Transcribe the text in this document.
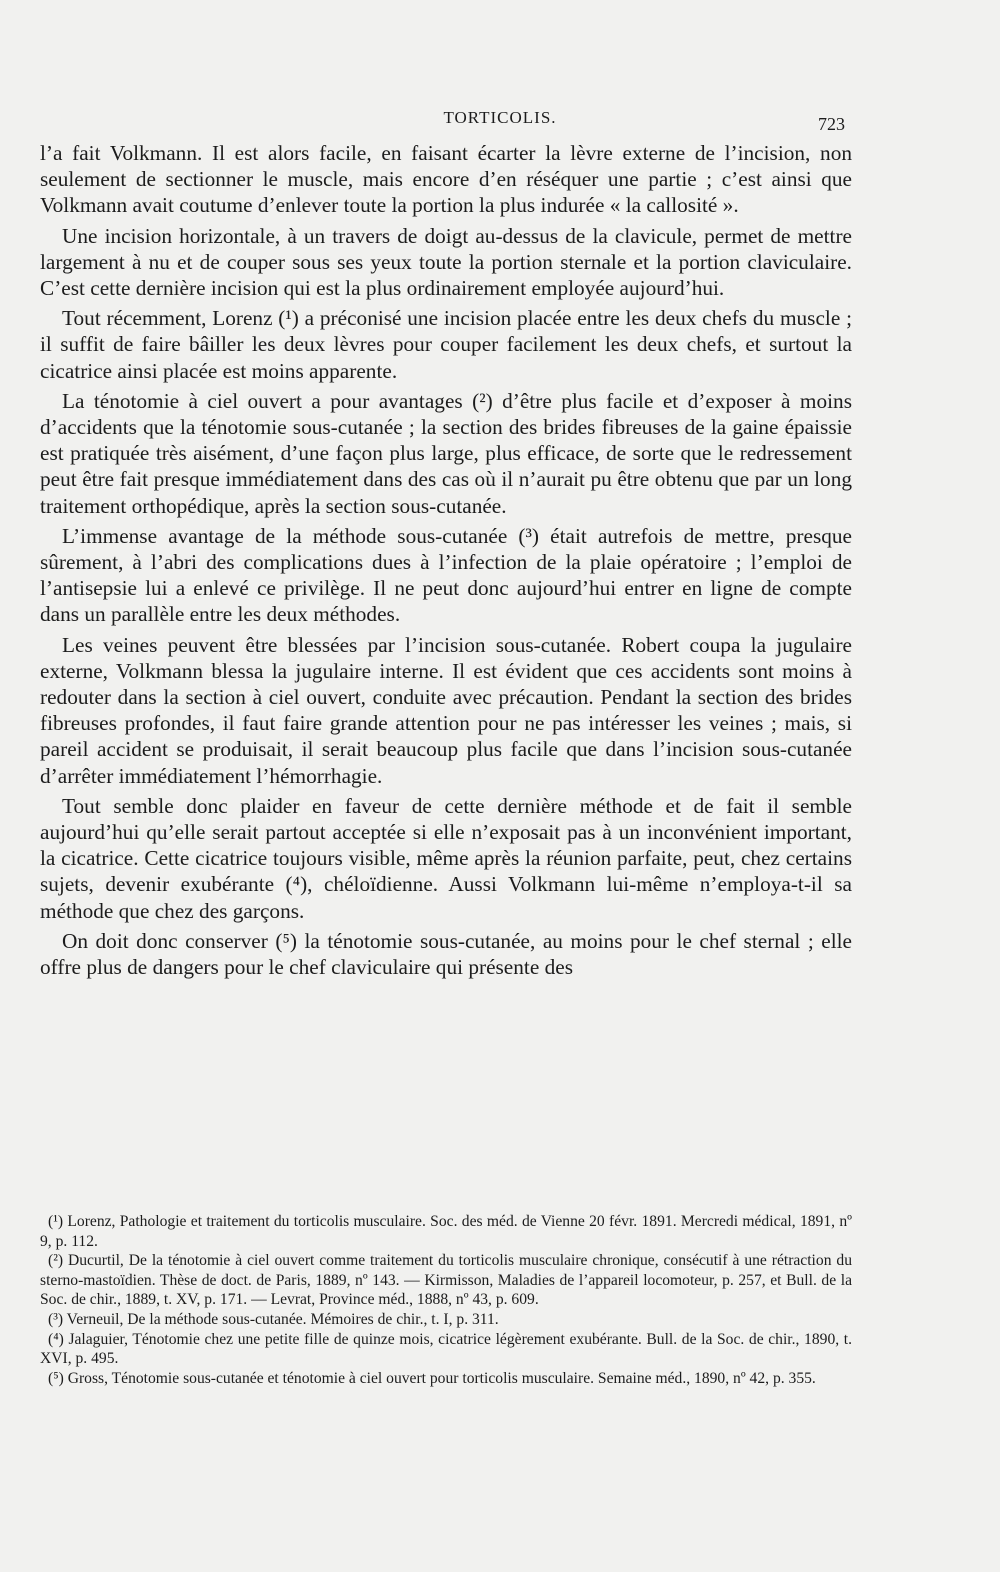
TORTICOLIS.	723

l’a fait Volkmann. Il est alors facile, en faisant écarter la lèvre externe de l’incision, non seulement de sectionner le muscle, mais encore d’en réséquer une partie ; c’est ainsi que Volkmann avait coutume d’enlever toute la portion la plus indurée « la callosité ».

Une incision horizontale, à un travers de doigt au-dessus de la clavicule, permet de mettre largement à nu et de couper sous ses yeux toute la portion sternale et la portion claviculaire. C’est cette dernière incision qui est la plus ordinairement employée aujourd’hui.

Tout récemment, Lorenz (¹) a préconisé une incision placée entre les deux chefs du muscle ; il suffit de faire bâiller les deux lèvres pour couper facilement les deux chefs, et surtout la cicatrice ainsi placée est moins apparente.

La ténotomie à ciel ouvert a pour avantages (²) d’être plus facile et d’exposer à moins d’accidents que la ténotomie sous-cutanée ; la section des brides fibreuses de la gaine épaissie est pratiquée très aisément, d’une façon plus large, plus efficace, de sorte que le redressement peut être fait presque immédiatement dans des cas où il n’aurait pu être obtenu que par un long traitement orthopédique, après la section sous-cutanée.

L’immense avantage de la méthode sous-cutanée (³) était autrefois de mettre, presque sûrement, à l’abri des complications dues à l’infection de la plaie opératoire ; l’emploi de l’antisepsie lui a enlevé ce privilège. Il ne peut donc aujourd’hui entrer en ligne de compte dans un parallèle entre les deux méthodes.

Les veines peuvent être blessées par l’incision sous-cutanée. Robert coupa la jugulaire externe, Volkmann blessa la jugulaire interne. Il est évident que ces accidents sont moins à redouter dans la section à ciel ouvert, conduite avec précaution. Pendant la section des brides fibreuses profondes, il faut faire grande attention pour ne pas intéresser les veines ; mais, si pareil accident se produisait, il serait beaucoup plus facile que dans l’incision sous-cutanée d’arrêter immédiatement l’hémorrhagie.

Tout semble donc plaider en faveur de cette dernière méthode et de fait il semble aujourd’hui qu’elle serait partout acceptée si elle n’exposait pas à un inconvénient important, la cicatrice. Cette cicatrice toujours visible, même après la réunion parfaite, peut, chez certains sujets, devenir exubérante (⁴), chéloïdienne. Aussi Volkmann lui-même n’employa-t-il sa méthode que chez des garçons.

On doit donc conserver (⁵) la ténotomie sous-cutanée, au moins pour le chef sternal ; elle offre plus de dangers pour le chef claviculaire qui présente des

(¹) Lorenz, Pathologie et traitement du torticolis musculaire. Soc. des méd. de Vienne 20 févr. 1891. Mercredi médical, 1891, nº 9, p. 112.

(²) Ducurtil, De la ténotomie à ciel ouvert comme traitement du torticolis musculaire chronique, consécutif à une rétraction du sterno-mastoïdien. Thèse de doct. de Paris, 1889, nº 143. — Kirmisson, Maladies de l’appareil locomoteur, p. 257, et Bull. de la Soc. de chir., 1889, t. XV, p. 171. — Levrat, Province méd., 1888, nº 43, p. 609.

(³) Verneuil, De la méthode sous-cutanée. Mémoires de chir., t. I, p. 311.

(⁴) Jalaguier, Ténotomie chez une petite fille de quinze mois, cicatrice légèrement exubérante. Bull. de la Soc. de chir., 1890, t. XVI, p. 495.

(⁵) Gross, Ténotomie sous-cutanée et ténotomie à ciel ouvert pour torticolis musculaire. Semaine méd., 1890, nº 42, p. 355.
